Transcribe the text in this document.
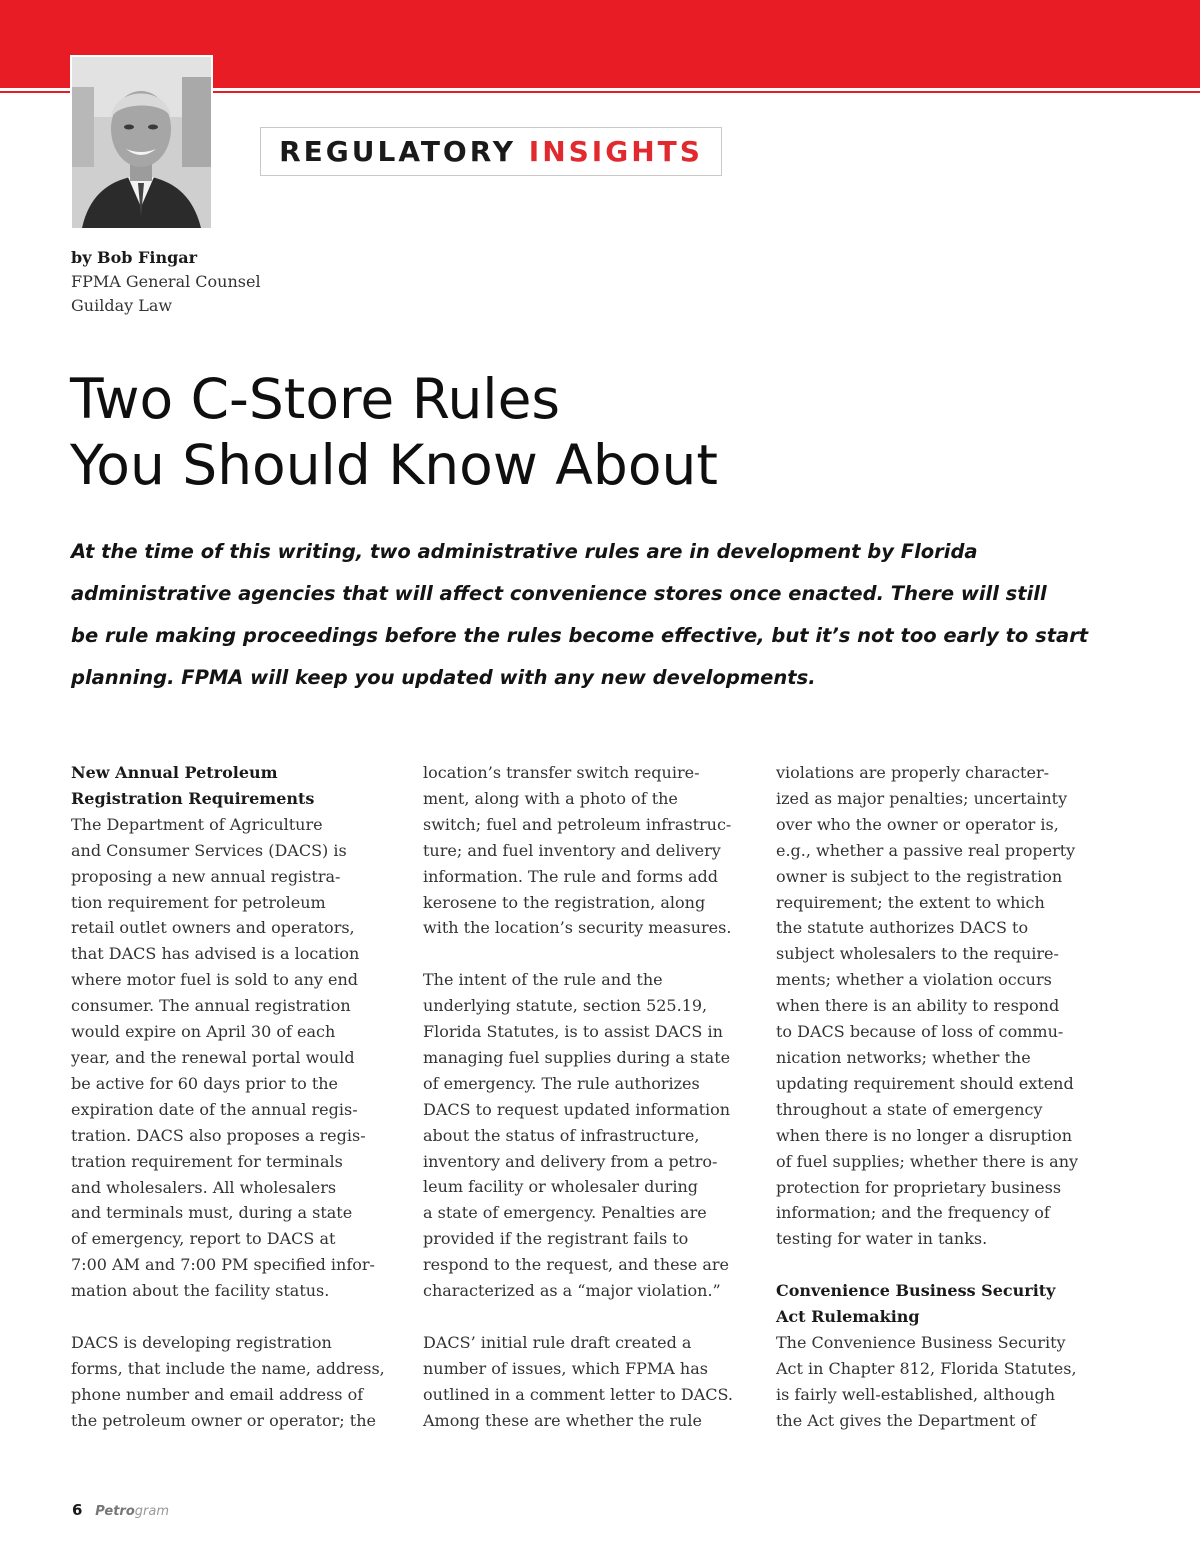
REGULATORY
INSIGHTS
by Bob Fingar
FPMA General Counsel
Guilday Law
Two C-Store Rules
You Should Know About
At the time of this writing, two administrative rules are in development by Florida
administrative agencies that will affect convenience stores once enacted. There will still
be rule making proceedings before the rules become effective, but it’s not too early to start
planning. FPMA will keep you updated with any new developments.
New Annual Petroleum
Registration Requirements
The Department of Agriculture
and Consumer Services (DACS) is
proposing a new annual registra-
tion requirement for petroleum
retail outlet owners and operators,
that DACS has advised is a location
where motor fuel is sold to any end
consumer. The annual registration
would expire on April 30 of each
year, and the renewal portal would
be active for 60 days prior to the
expiration date of the annual regis-
tration. DACS also proposes a regis-
tration requirement for terminals
and wholesalers. All wholesalers
and terminals must, during a state
of emergency, report to DACS at
7:00 AM and 7:00 PM specified infor-
mation about the facility status.
DACS is developing registration
forms, that include the name, address,
phone number and email address of
the petroleum owner or operator; the
location’s transfer switch require-
ment, along with a photo of the
switch; fuel and petroleum infrastruc-
ture; and fuel inventory and delivery
information. The rule and forms add
kerosene to the registration, along
with the location’s security measures.
The intent of the rule and the
underlying statute, section 525.19,
Florida Statutes, is to assist DACS in
managing fuel supplies during a state
of emergency. The rule authorizes
DACS to request updated information
about the status of infrastructure,
inventory and delivery from a petro-
leum facility or wholesaler during
a state of emergency. Penalties are
provided if the registrant fails to
respond to the request, and these are
characterized as a “major violation.”
DACS’ initial rule draft created a
number of issues, which FPMA has
outlined in a comment letter to DACS.
Among these are whether the rule
violations are properly character-
ized as major penalties; uncertainty
over who the owner or operator is,
e.g., whether a passive real property
owner is subject to the registration
requirement; the extent to which
the statute authorizes DACS to
subject wholesalers to the require-
ments; whether a violation occurs
when there is an ability to respond
to DACS because of loss of commu-
nication networks; whether the
updating requirement should extend
throughout a state of emergency
when there is no longer a disruption
of fuel supplies; whether there is any
protection for proprietary business
information; and the frequency of
testing for water in tanks.
Convenience Business Security
Act Rulemaking
The Convenience Business Security
Act in Chapter 812, Florida Statutes,
is fairly well-established, although
the Act gives the Department of
6 Petrogram
